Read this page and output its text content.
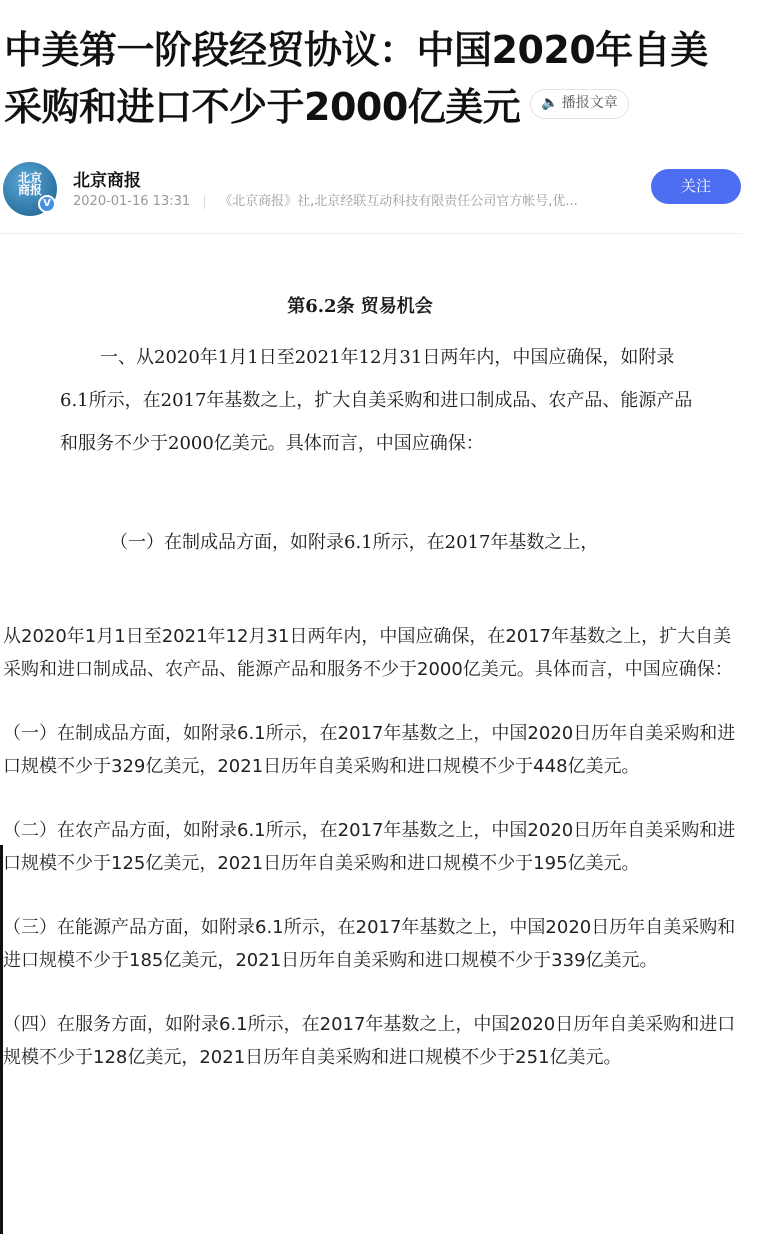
中美第一阶段经贸协议：中国2020年自美采购和进口不少于2000亿美元 🔈 播报文章
北京商报
V
北京商报
2020-01-16 13:31 《北京商报》社,北京经联互动科技有限责任公司官方帐号,优...
关注
第6.2条 贸易机会
一、从2020年1月1日至2021年12月31日两年内，中国应确保，如附录6.1所示，在2017年基数之上，扩大自美采购和进口制成品、农产品、能源产品和服务不少于2000亿美元。具体而言，中国应确保：
（一）在制成品方面，如附录6.1所示，在2017年基数之上，

从2020年1月1日至2021年12月31日两年内，中国应确保，在2017年基数之上，扩大自美采购和进口制成品、农产品、能源产品和服务不少于2000亿美元。具体而言，中国应确保：

（一）在制成品方面，如附录6.1所示，在2017年基数之上，中国2020日历年自美采购和进口规模不少于329亿美元，2021日历年自美采购和进口规模不少于448亿美元。

（二）在农产品方面，如附录6.1所示，在2017年基数之上，中国2020日历年自美采购和进口规模不少于125亿美元，2021日历年自美采购和进口规模不少于195亿美元。

（三）在能源产品方面，如附录6.1所示，在2017年基数之上，中国2020日历年自美采购和进口规模不少于185亿美元，2021日历年自美采购和进口规模不少于339亿美元。

（四）在服务方面，如附录6.1所示，在2017年基数之上，中国2020日历年自美采购和进口规模不少于128亿美元，2021日历年自美采购和进口规模不少于251亿美元。
